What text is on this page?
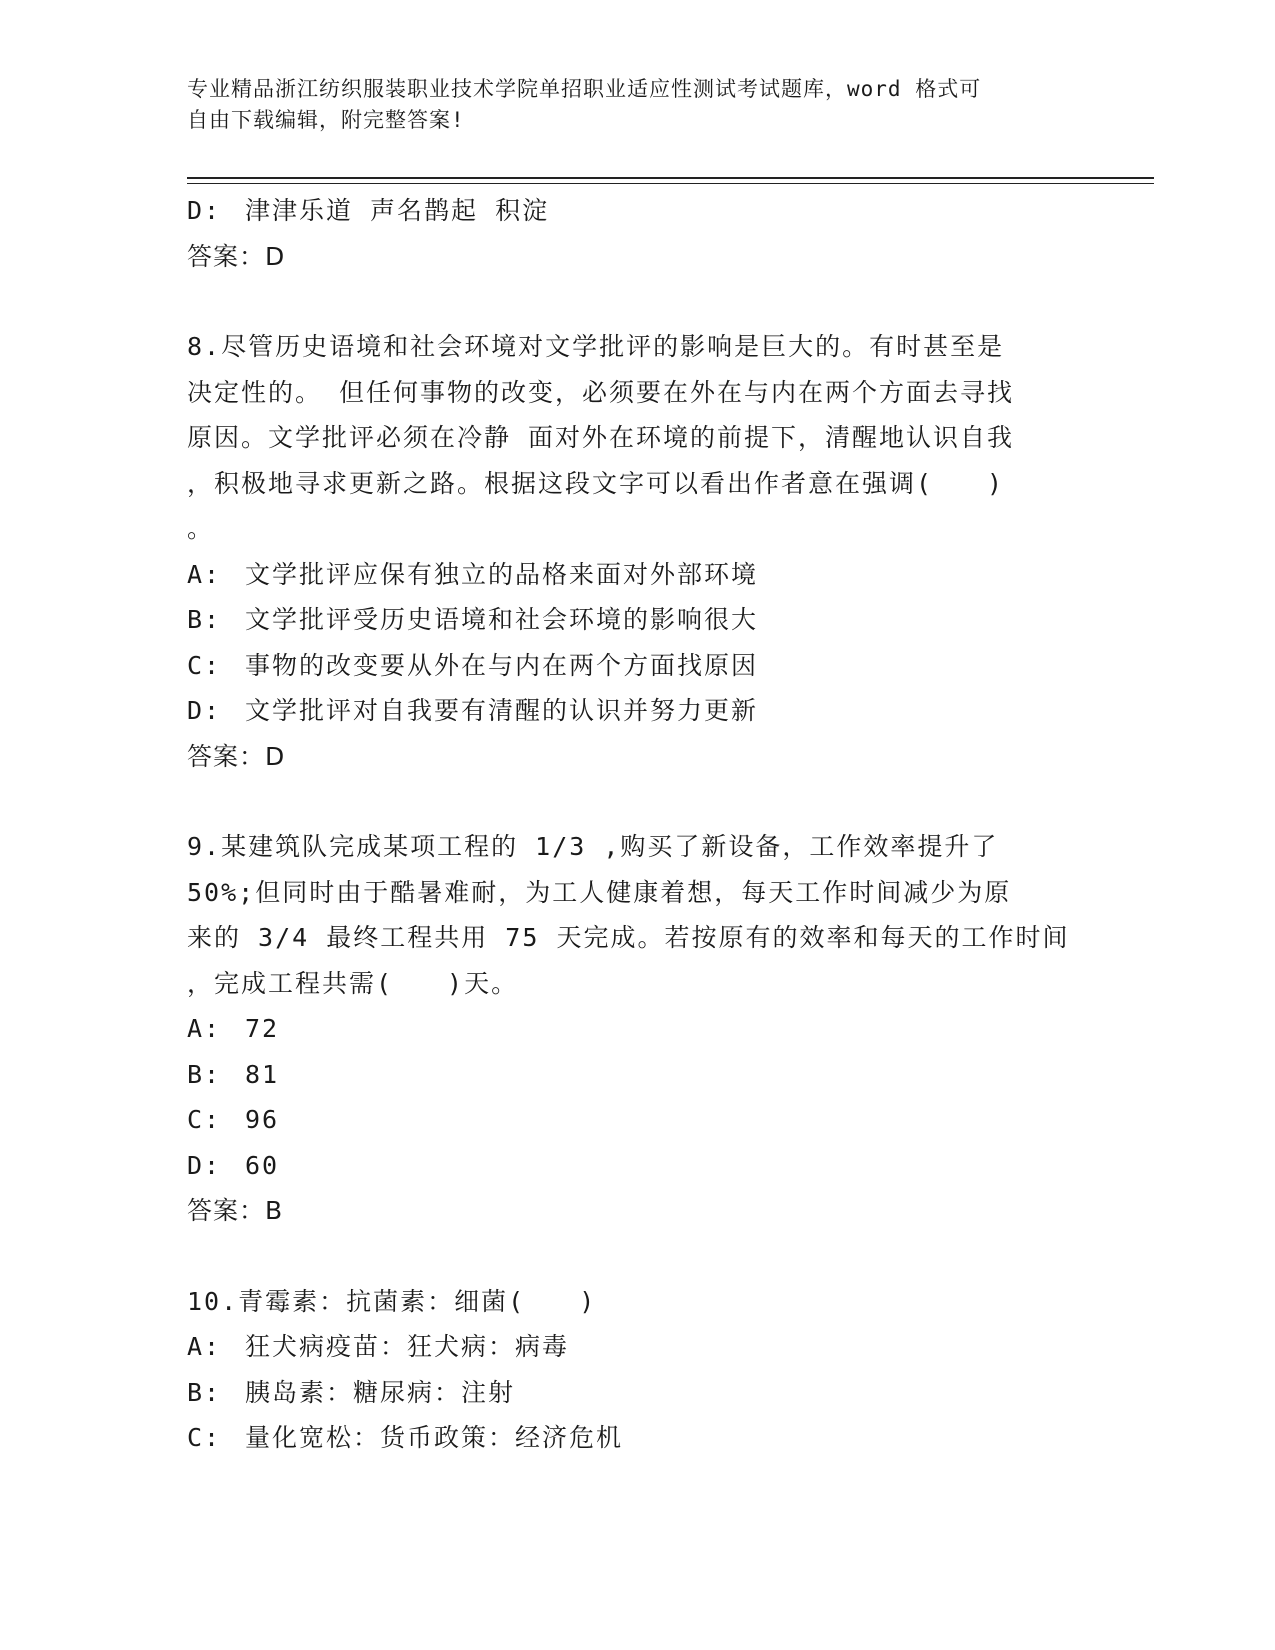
专业精品浙江纺织服装职业技术学院单招职业适应性测试考试题库，word 格式可
自由下载编辑，附完整答案!
D: 津津乐道 声名鹊起 积淀
答案：D
8.尽管历史语境和社会环境对文学批评的影响是巨大的。有时甚至是
决定性的。 但任何事物的改变，必须要在外在与内在两个方面去寻找
原因。文学批评必须在冷静 面对外在环境的前提下，清醒地认识自我
，积极地寻求更新之路。根据这段文字可以看出作者意在强调(　　)
。
A: 文学批评应保有独立的品格来面对外部环境
B: 文学批评受历史语境和社会环境的影响很大
C: 事物的改变要从外在与内在两个方面找原因
D: 文学批评对自我要有清醒的认识并努力更新
答案：D
9.某建筑队完成某项工程的 1/3 ,购买了新设备，工作效率提升了
50%;但同时由于酷暑难耐，为工人健康着想，每天工作时间减少为原
来的 3/4 最终工程共用 75 天完成。若按原有的效率和每天的工作时间
，完成工程共需(　　)天。
A: 72
B: 81
C: 96
D: 60
答案：B
10.青霉素：抗菌素：细菌(　　)
A: 狂犬病疫苗：狂犬病：病毒
B: 胰岛素：糖尿病：注射
C: 量化宽松：货币政策：经济危机
